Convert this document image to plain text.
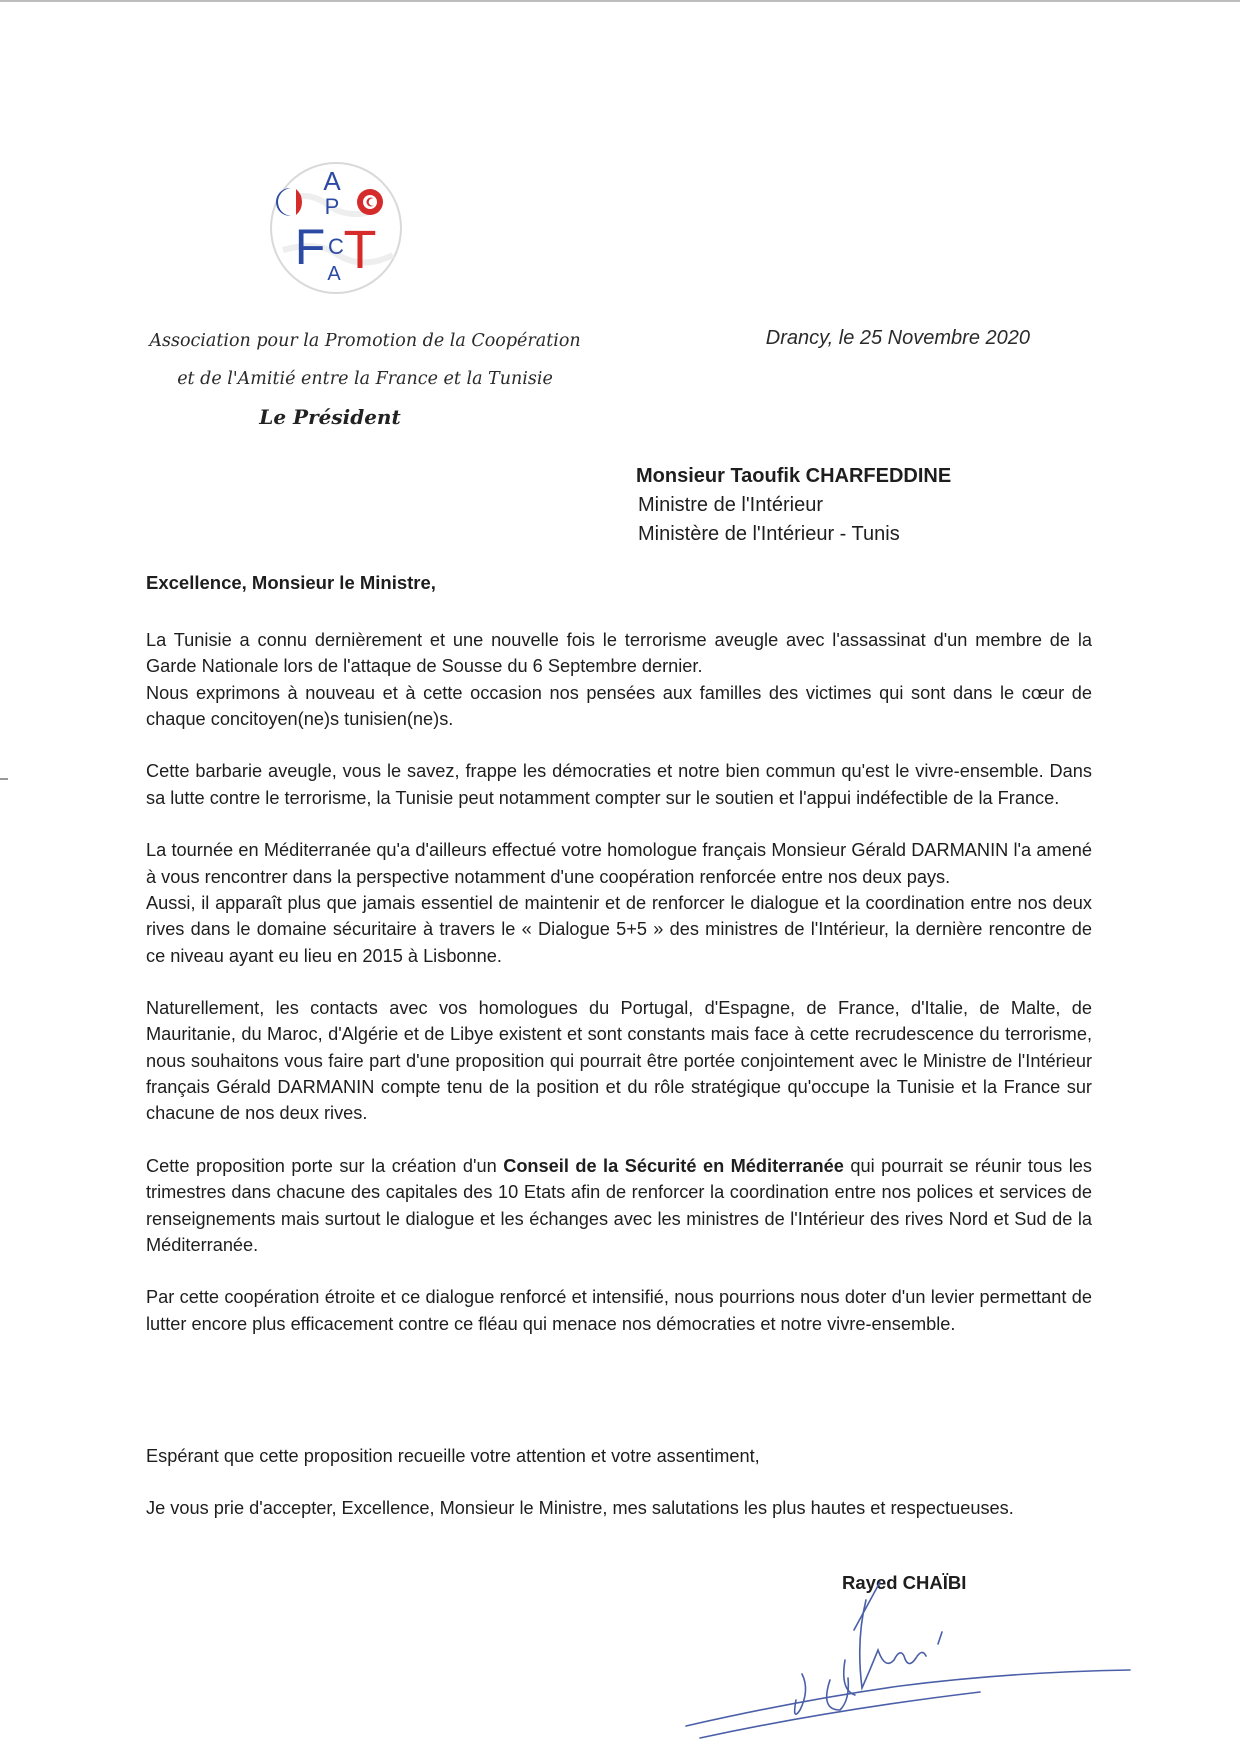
A
P
F C T
A
Association pour la Promotion de la Coopération
et de l'Amitié entre la France et la Tunisie
Le Président
Drancy, le 25 Novembre 2020
Monsieur Taoufik CHARFEDDINE
Ministre de l'Intérieur
Ministère de l'Intérieur - Tunis
Excellence, Monsieur le Ministre,

La Tunisie a connu dernièrement et une nouvelle fois le terrorisme aveugle avec l'assassinat d'un membre de la Garde Nationale lors de l'attaque de Sousse du 6 Septembre dernier.
Nous exprimons à nouveau et à cette occasion nos pensées aux familles des victimes qui sont dans le cœur de chaque concitoyen(ne)s tunisien(ne)s.

Cette barbarie aveugle, vous le savez, frappe les démocraties et notre bien commun qu'est le vivre-ensemble. Dans sa lutte contre le terrorisme, la Tunisie peut notamment compter sur le soutien et l'appui indéfectible de la France.

La tournée en Méditerranée qu'a d'ailleurs effectué votre homologue français Monsieur Gérald DARMANIN l'a amené à vous rencontrer dans la perspective notamment d'une coopération renforcée entre nos deux pays.
Aussi, il apparaît plus que jamais essentiel de maintenir et de renforcer le dialogue et la coordination entre nos deux rives dans le domaine sécuritaire à travers le « Dialogue 5+5 » des ministres de l'Intérieur, la dernière rencontre de ce niveau ayant eu lieu en 2015 à Lisbonne.

Naturellement, les contacts avec vos homologues du Portugal, d'Espagne, de France, d'Italie, de Malte, de Mauritanie, du Maroc, d'Algérie et de Libye existent et sont constants mais face à cette recrudescence du terrorisme, nous souhaitons vous faire part d'une proposition qui pourrait être portée conjointement avec le Ministre de l'Intérieur français Gérald DARMANIN compte tenu de la position et du rôle stratégique qu'occupe la Tunisie et la France sur chacune de nos deux rives.

Cette proposition porte sur la création d'un Conseil de la Sécurité en Méditerranée qui pourrait se réunir tous les trimestres dans chacune des capitales des 10 Etats afin de renforcer la coordination entre nos polices et services de renseignements mais surtout le dialogue et les échanges avec les ministres de l'Intérieur des rives Nord et Sud de la Méditerranée.

Par cette coopération étroite et ce dialogue renforcé et intensifié, nous pourrions nous doter d'un levier permettant de lutter encore plus efficacement contre ce fléau qui menace nos démocraties et notre vivre-ensemble.

Espérant que cette proposition recueille votre attention et votre assentiment,

Je vous prie d'accepter, Excellence, Monsieur le Ministre, mes salutations les plus hautes et respectueuses.

Rayed CHAÏBI
